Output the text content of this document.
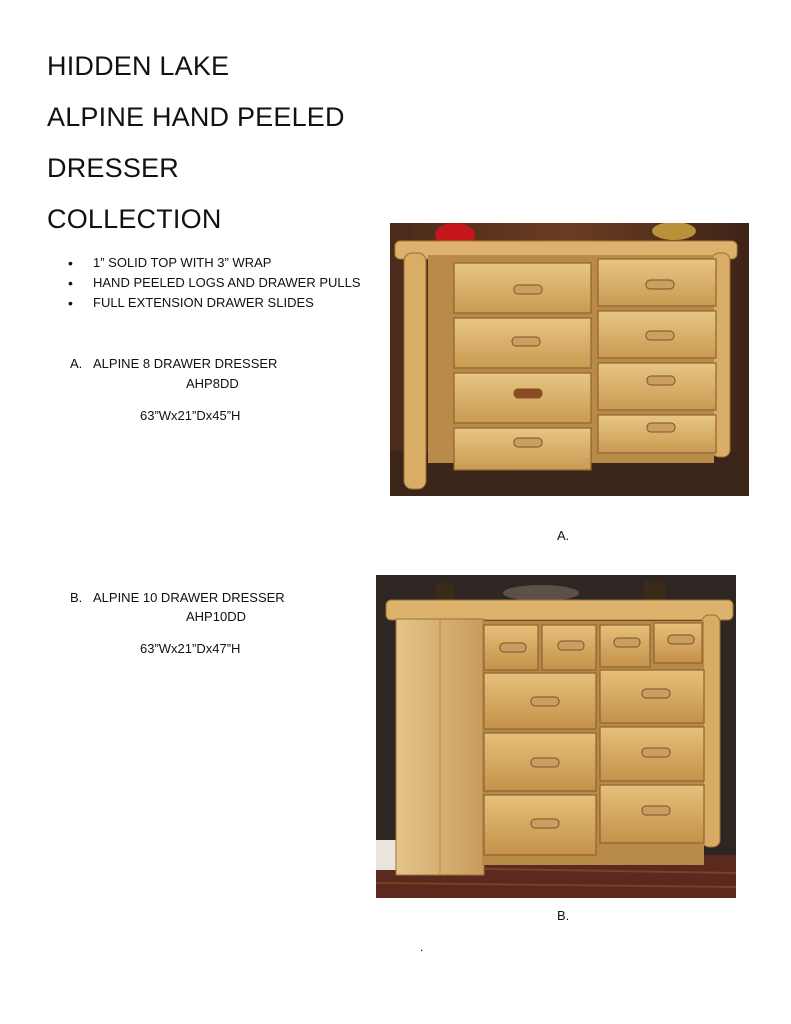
HIDDEN LAKE
ALPINE HAND PEELED
DRESSER
COLLECTION
• 1” SOLID TOP WITH 3” WRAP
• HAND PEELED LOGS AND DRAWER PULLS
• FULL EXTENSION DRAWER SLIDES
A. ALPINE 8 DRAWER DRESSER
AHP8DD
63”Wx21”Dx45”H
A.
B. ALPINE 10 DRAWER DRESSER
AHP10DD
63”Wx21”Dx47”H
B.
.
